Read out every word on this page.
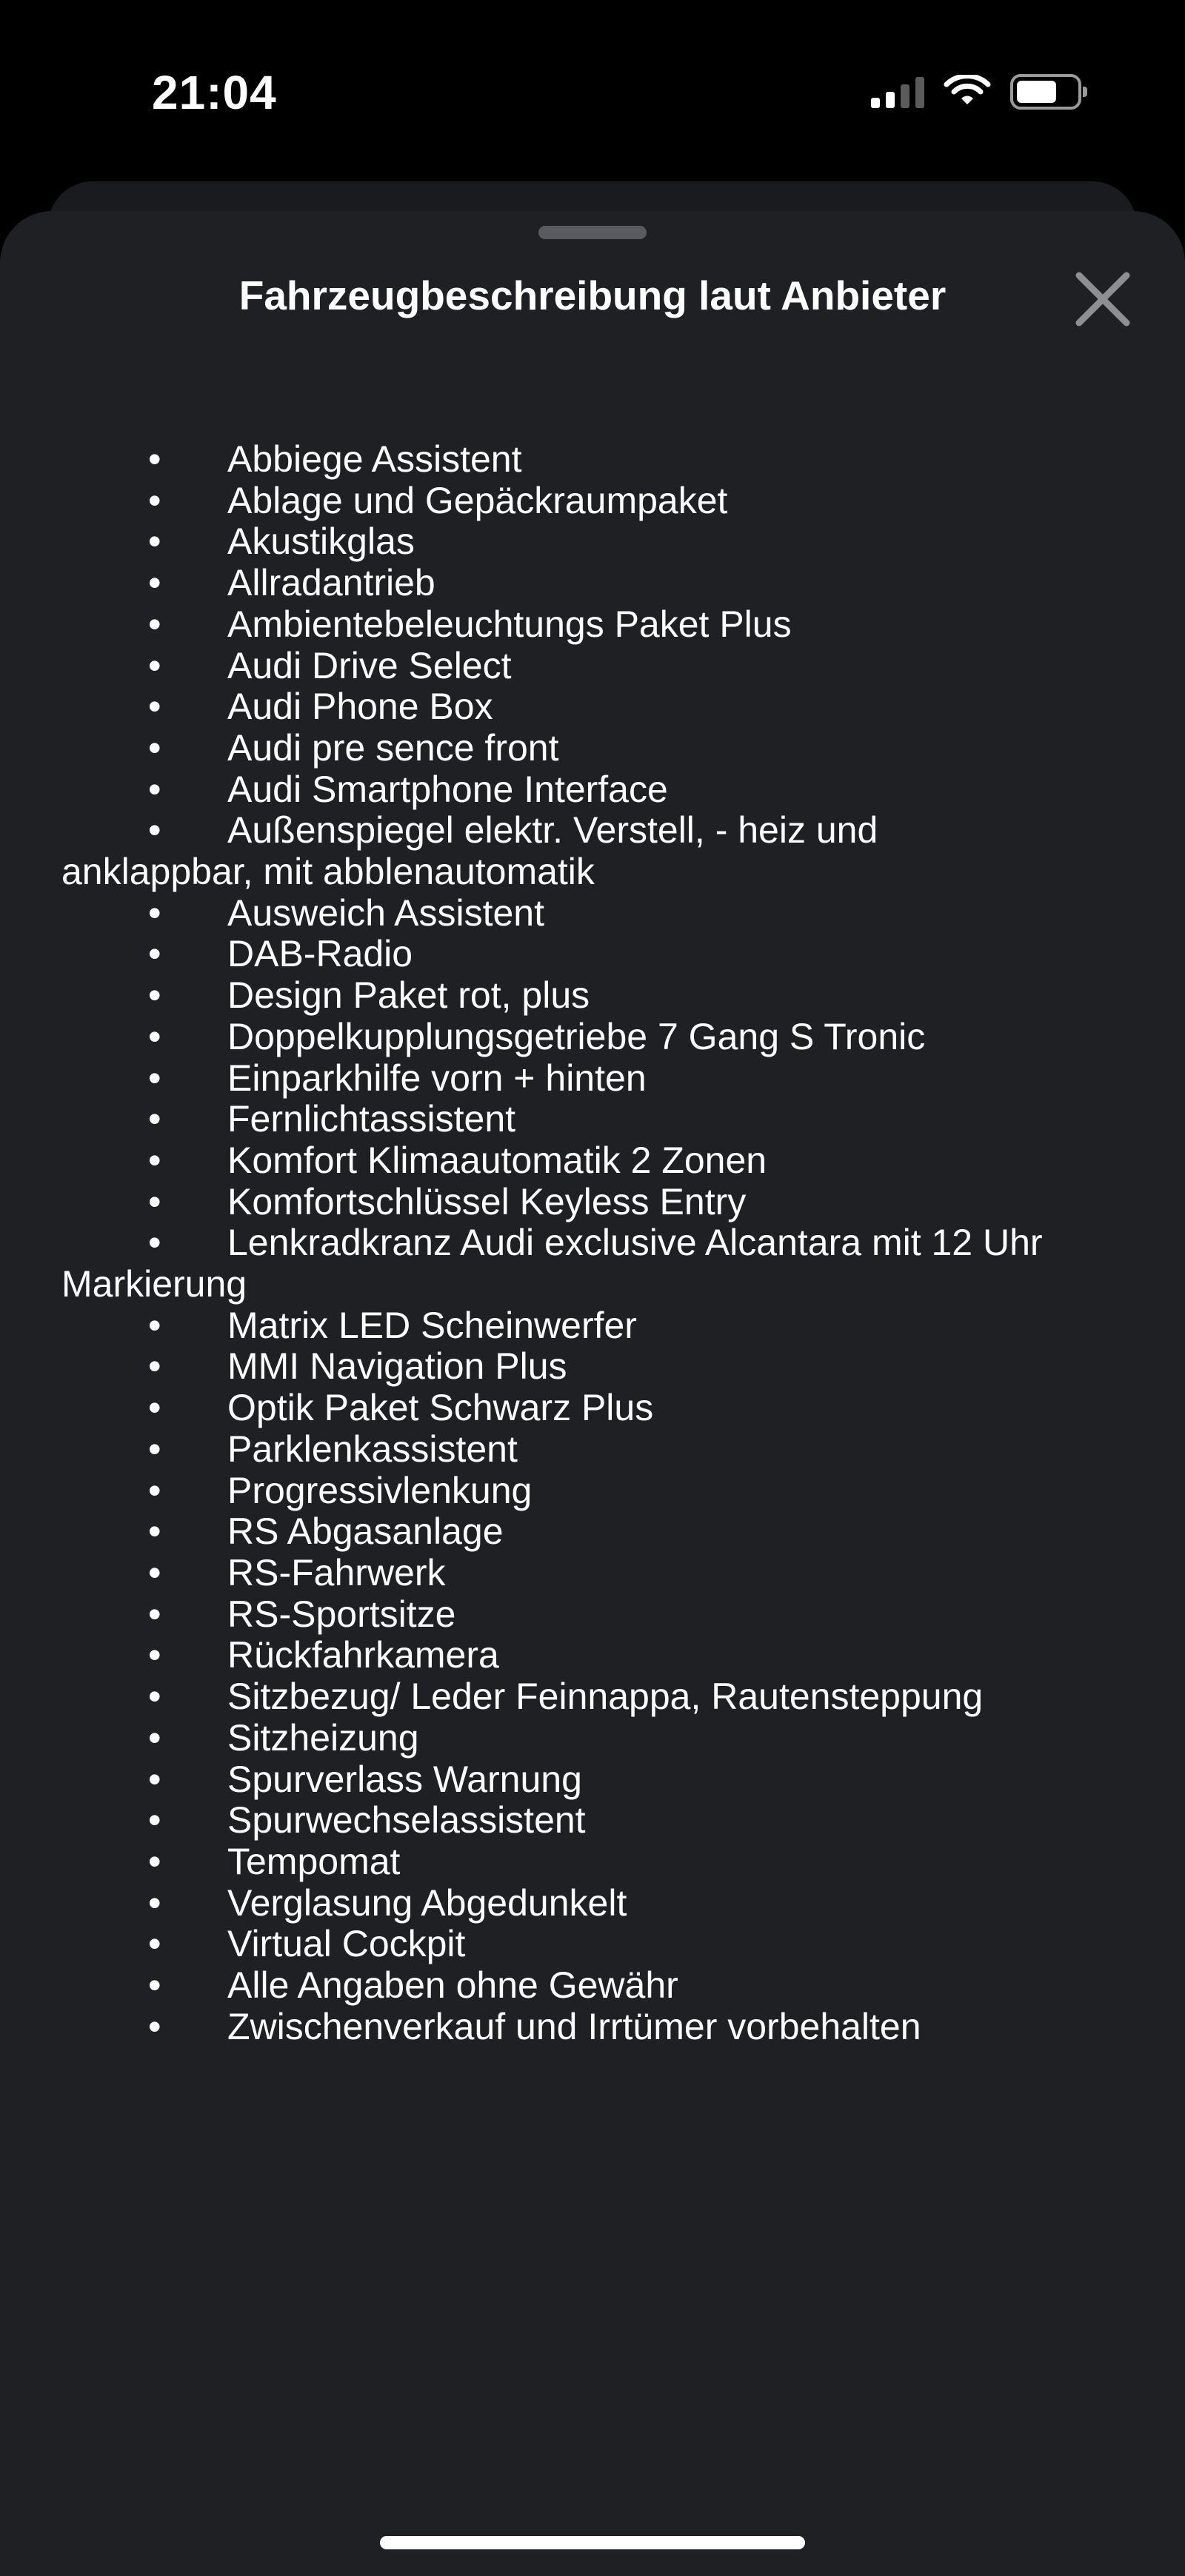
21:04
Fahrzeugbeschreibung laut Anbieter
• Abbiege Assistent
• Ablage und Gepäckraumpaket
• Akustikglas
• Allradantrieb
• Ambientebeleuchtungs Paket Plus
• Audi Drive Select
• Audi Phone Box
• Audi pre sence front
• Audi Smartphone Interface
• Außenspiegel elektr. Verstell, - heiz und
anklappbar, mit abblenautomatik
• Ausweich Assistent
• DAB-Radio
• Design Paket rot, plus
• Doppelkupplungsgetriebe 7 Gang S Tronic
• Einparkhilfe vorn + hinten
• Fernlichtassistent
• Komfort Klimaautomatik 2 Zonen
• Komfortschlüssel Keyless Entry
• Lenkradkranz Audi exclusive Alcantara mit 12 Uhr
Markierung
• Matrix LED Scheinwerfer
• MMI Navigation Plus
• Optik Paket Schwarz Plus
• Parklenkassistent
• Progressivlenkung
• RS Abgasanlage
• RS-Fahrwerk
• RS-Sportsitze
• Rückfahrkamera
• Sitzbezug/ Leder Feinnappa, Rautensteppung
• Sitzheizung
• Spurverlass Warnung
• Spurwechselassistent
• Tempomat
• Verglasung Abgedunkelt
• Virtual Cockpit
• Alle Angaben ohne Gewähr
• Zwischenverkauf und Irrtümer vorbehalten
